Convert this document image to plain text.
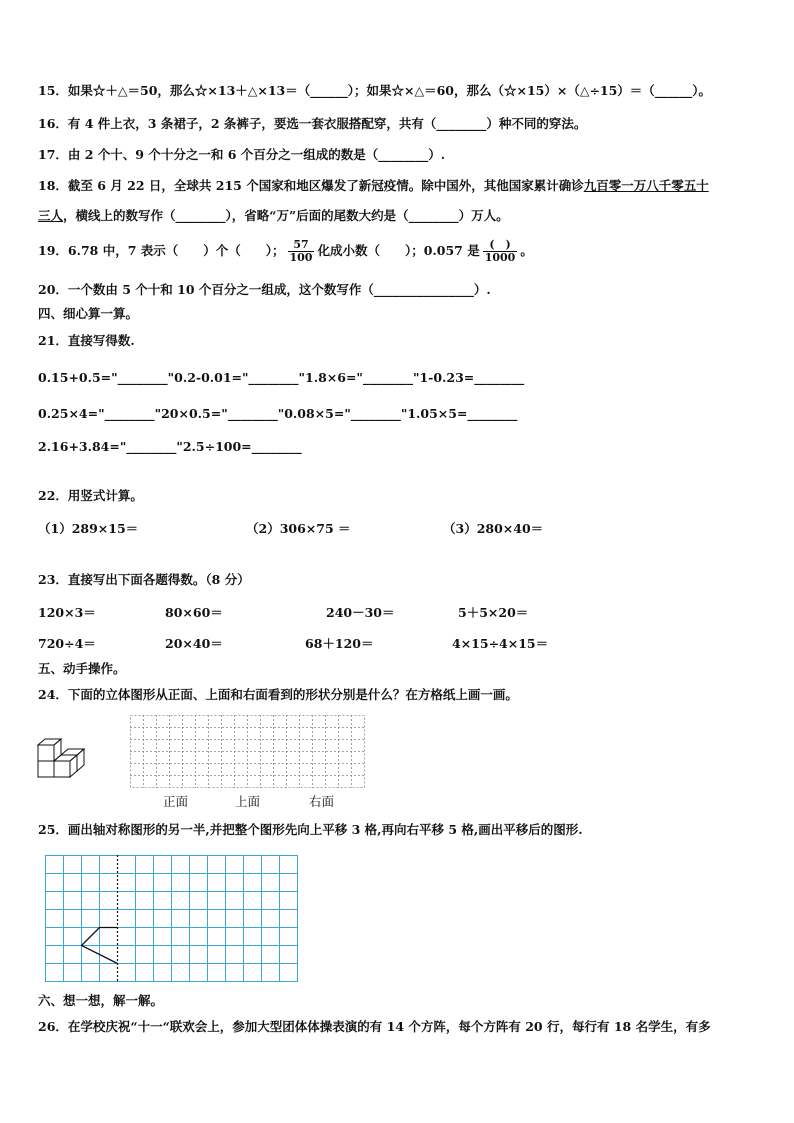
15．如果☆＋△＝50，那么☆×13＋△×13＝（______）；如果☆×△＝60，那么（☆×15）×（△÷15）＝（______）。
16．有 4 件上衣，3 条裙子，2 条裤子，要选一套衣服搭配穿，共有（________）种不同的穿法。
17．由 2 个十、9 个十分之一和 6 个百分之一组成的数是（________）.
18．截至 6 月 22 日，全球共 215 个国家和地区爆发了新冠疫情。除中国外，其他国家累计确诊九百零一万八千零五十
三人，横线上的数写作（________），省略“万”后面的尾数大约是（________）万人。
19．6.78 中，7 表示（　　）个（　　）； $\frac{57}{100}$ 化成小数（　　）；0.057 是 $\frac{( )}{1000}$ 。
20．一个数由 5 个十和 10 个百分之一组成，这个数写作（________________）.
四、细心算一算。
21．直接写得数.
0.15+0.5="________"0.2-0.01="________"1.8×6="________"1-0.23=________
0.25×4="________"20×0.5="________"0.08×5="________"1.05×5=________
2.16+3.84="________"2.5÷100=________
22．用竖式计算。
（1）289×15＝	（2）306×75 ＝	（3）280×40＝
23．直接写出下面各题得数。（8 分）
120×3＝	80×60＝	240－30＝	5＋5×20＝
720÷4＝	20×40＝	68＋120＝	4×15÷4×15＝
五、动手操作。
24．下面的立体图形从正面、上面和右面看到的形状分别是什么？在方格纸上画一画。
正面	上面	右面
25．画出轴对称图形的另一半,并把整个图形先向上平移 3 格,再向右平移 5 格,画出平移后的图形.
六、想一想，解一解。
26．在学校庆祝“十一“联欢会上，参加大型团体体操表演的有 14 个方阵，每个方阵有 20 行，每行有 18 名学生，有多
